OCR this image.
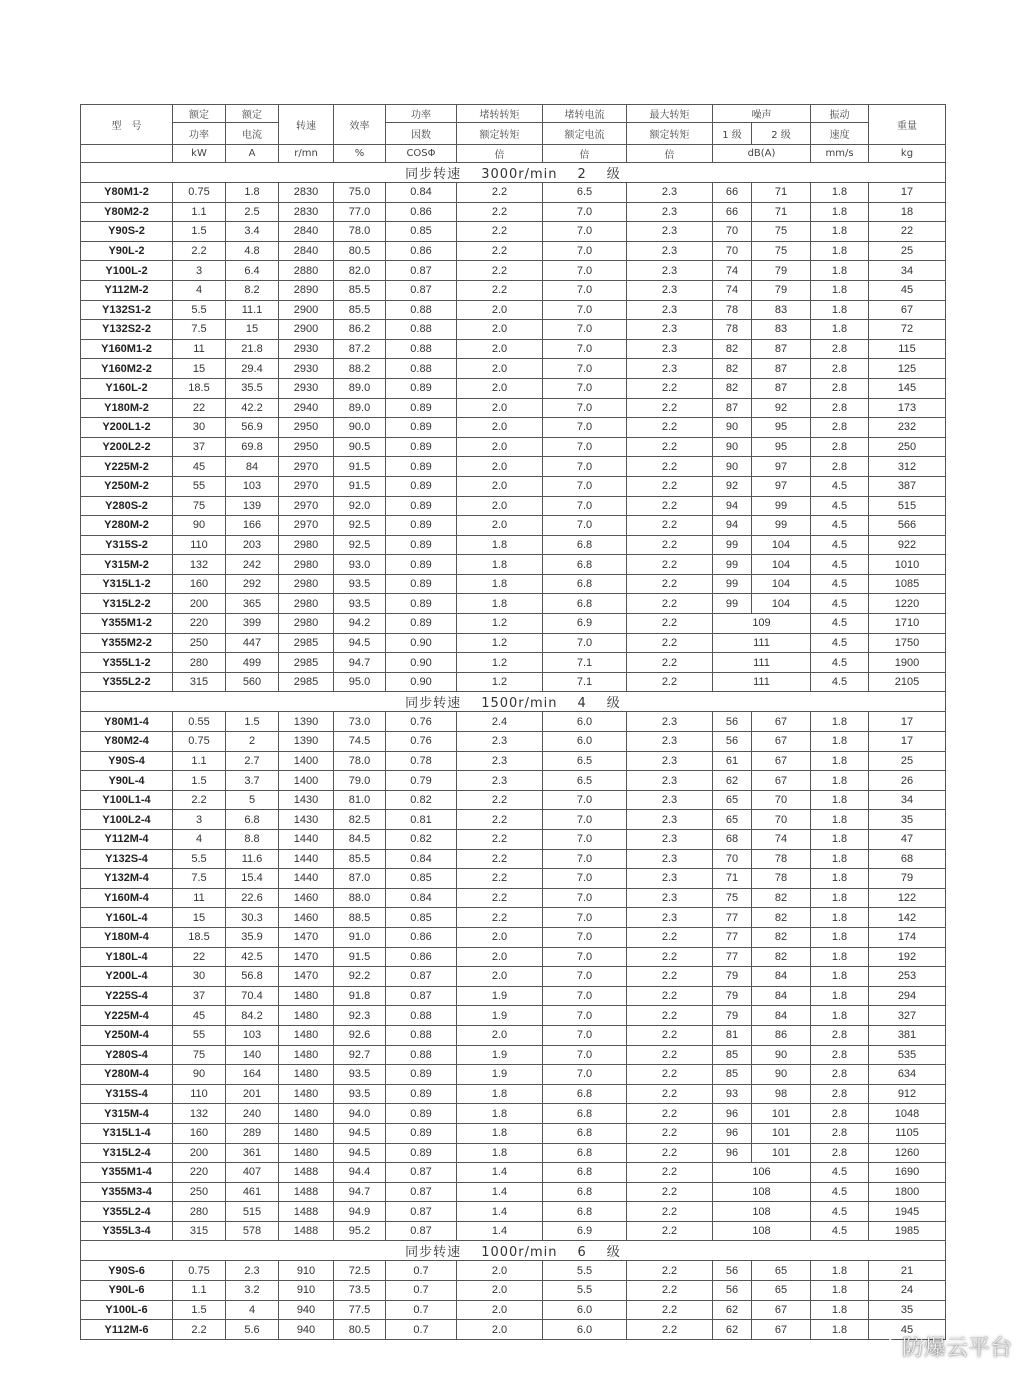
型　号	额定	额定	转速	效率	功率	堵转转矩	堵转电流	最大转矩	噪声		振动	重量
	功率	电流			因数	额定转矩	额定电流	额定转矩	1 级	2 级	速度	
	kW	A	r/mn	%	COSΦ	倍	倍	倍	dB(A)		mm/s	kg
同步转速 3000r/min 2 级												
Y80M1-2	0.75	1.8	2830	75.0	0.84	2.2	6.5	2.3	66	71	1.8	17
Y80M2-2	1.1	2.5	2830	77.0	0.86	2.2	7.0	2.3	66	71	1.8	18
Y90S-2	1.5	3.4	2840	78.0	0.85	2.2	7.0	2.3	70	75	1.8	22
Y90L-2	2.2	4.8	2840	80.5	0.86	2.2	7.0	2.3	70	75	1.8	25
Y100L-2	3	6.4	2880	82.0	0.87	2.2	7.0	2.3	74	79	1.8	34
Y112M-2	4	8.2	2890	85.5	0.87	2.2	7.0	2.3	74	79	1.8	45
Y132S1-2	5.5	11.1	2900	85.5	0.88	2.0	7.0	2.3	78	83	1.8	67
Y132S2-2	7.5	15	2900	86.2	0.88	2.0	7.0	2.3	78	83	1.8	72
Y160M1-2	11	21.8	2930	87.2	0.88	2.0	7.0	2.3	82	87	2.8	115
Y160M2-2	15	29.4	2930	88.2	0.88	2.0	7.0	2.3	82	87	2.8	125
Y160L-2	18.5	35.5	2930	89.0	0.89	2.0	7.0	2.2	82	87	2.8	145
Y180M-2	22	42.2	2940	89.0	0.89	2.0	7.0	2.2	87	92	2.8	173
Y200L1-2	30	56.9	2950	90.0	0.89	2.0	7.0	2.2	90	95	2.8	232
Y200L2-2	37	69.8	2950	90.5	0.89	2.0	7.0	2.2	90	95	2.8	250
Y225M-2	45	84	2970	91.5	0.89	2.0	7.0	2.2	90	97	2.8	312
Y250M-2	55	103	2970	91.5	0.89	2.0	7.0	2.2	92	97	4.5	387
Y280S-2	75	139	2970	92.0	0.89	2.0	7.0	2.2	94	99	4.5	515
Y280M-2	90	166	2970	92.5	0.89	2.0	7.0	2.2	94	99	4.5	566
Y315S-2	110	203	2980	92.5	0.89	1.8	6.8	2.2	99	104	4.5	922
Y315M-2	132	242	2980	93.0	0.89	1.8	6.8	2.2	99	104	4.5	1010
Y315L1-2	160	292	2980	93.5	0.89	1.8	6.8	2.2	99	104	4.5	1085
Y315L2-2	200	365	2980	93.5	0.89	1.8	6.8	2.2	99	104	4.5	1220
Y355M1-2	220	399	2980	94.2	0.89	1.2	6.9	2.2	109		4.5	1710
Y355M2-2	250	447	2985	94.5	0.90	1.2	7.0	2.2	111		4.5	1750
Y355L1-2	280	499	2985	94.7	0.90	1.2	7.1	2.2	111		4.5	1900
Y355L2-2	315	560	2985	95.0	0.90	1.2	7.1	2.2	111		4.5	2105
同步转速 1500r/min 4 级												
Y80M1-4	0.55	1.5	1390	73.0	0.76	2.4	6.0	2.3	56	67	1.8	17
Y80M2-4	0.75	2	1390	74.5	0.76	2.3	6.0	2.3	56	67	1.8	17
Y90S-4	1.1	2.7	1400	78.0	0.78	2.3	6.5	2.3	61	67	1.8	25
Y90L-4	1.5	3.7	1400	79.0	0.79	2.3	6.5	2.3	62	67	1.8	26
Y100L1-4	2.2	5	1430	81.0	0.82	2.2	7.0	2.3	65	70	1.8	34
Y100L2-4	3	6.8	1430	82.5	0.81	2.2	7.0	2.3	65	70	1.8	35
Y112M-4	4	8.8	1440	84.5	0.82	2.2	7.0	2.3	68	74	1.8	47
Y132S-4	5.5	11.6	1440	85.5	0.84	2.2	7.0	2.3	70	78	1.8	68
Y132M-4	7.5	15.4	1440	87.0	0.85	2.2	7.0	2.3	71	78	1.8	79
Y160M-4	11	22.6	1460	88.0	0.84	2.2	7.0	2.3	75	82	1.8	122
Y160L-4	15	30.3	1460	88.5	0.85	2.2	7.0	2.3	77	82	1.8	142
Y180M-4	18.5	35.9	1470	91.0	0.86	2.0	7.0	2.2	77	82	1.8	174
Y180L-4	22	42.5	1470	91.5	0.86	2.0	7.0	2.2	77	82	1.8	192
Y200L-4	30	56.8	1470	92.2	0.87	2.0	7.0	2.2	79	84	1.8	253
Y225S-4	37	70.4	1480	91.8	0.87	1.9	7.0	2.2	79	84	1.8	294
Y225M-4	45	84.2	1480	92.3	0.88	1.9	7.0	2.2	79	84	1.8	327
Y250M-4	55	103	1480	92.6	0.88	2.0	7.0	2.2	81	86	2.8	381
Y280S-4	75	140	1480	92.7	0.88	1.9	7.0	2.2	85	90	2.8	535
Y280M-4	90	164	1480	93.5	0.89	1.9	7.0	2.2	85	90	2.8	634
Y315S-4	110	201	1480	93.5	0.89	1.8	6.8	2.2	93	98	2.8	912
Y315M-4	132	240	1480	94.0	0.89	1.8	6.8	2.2	96	101	2.8	1048
Y315L1-4	160	289	1480	94.5	0.89	1.8	6.8	2.2	96	101	2.8	1105
Y315L2-4	200	361	1480	94.5	0.89	1.8	6.8	2.2	96	101	2.8	1260
Y355M1-4	220	407	1488	94.4	0.87	1.4	6.8	2.2	106		4.5	1690
Y355M3-4	250	461	1488	94.7	0.87	1.4	6.8	2.2	108		4.5	1800
Y355L2-4	280	515	1488	94.9	0.87	1.4	6.8	2.2	108		4.5	1945
Y355L3-4	315	578	1488	95.2	0.87	1.4	6.9	2.2	108		4.5	1985
同步转速 1000r/min 6 级												
Y90S-6	0.75	2.3	910	72.5	0.7	2.0	5.5	2.2	56	65	1.8	21
Y90L-6	1.1	3.2	910	73.5	0.7	2.0	5.5	2.2	56	65	1.8	24
Y100L-6	1.5	4	940	77.5	0.7	2.0	6.0	2.2	62	67	1.8	35
Y112M-6	2.2	5.6	940	80.5	0.7	2.0	6.0	2.2	62	67	1.8	45
防爆云平台
